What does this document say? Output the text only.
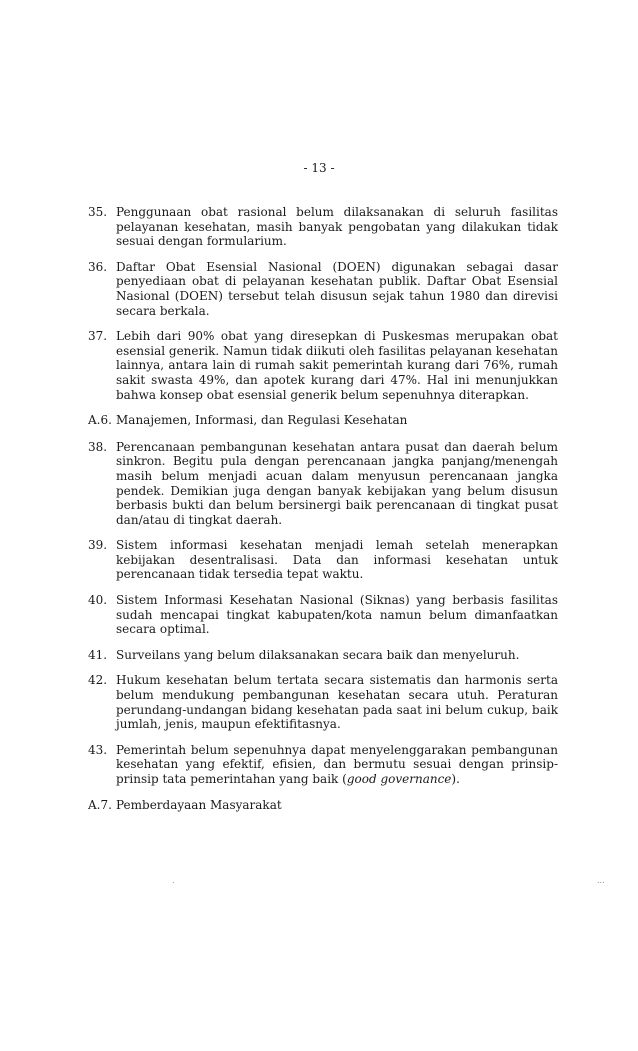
- 13 -
35. Penggunaan obat rasional belum dilaksanakan di seluruh fasilitas pelayanan kesehatan, masih banyak pengobatan yang dilakukan tidak sesuai dengan formularium.
36. Daftar Obat Esensial Nasional (DOEN) digunakan sebagai dasar penyediaan obat di pelayanan kesehatan publik. Daftar Obat Esensial Nasional (DOEN) tersebut telah disusun sejak tahun 1980 dan direvisi secara berkala.
37. Lebih dari 90% obat yang diresepkan di Puskesmas merupakan obat esensial generik. Namun tidak diikuti oleh fasilitas pelayanan kesehatan lainnya, antara lain di rumah sakit pemerintah kurang dari 76%, rumah sakit swasta 49%, dan apotek kurang dari 47%. Hal ini menunjukkan bahwa konsep obat esensial generik belum sepenuhnya diterapkan.
A.6. Manajemen, Informasi, dan Regulasi Kesehatan
38. Perencanaan pembangunan kesehatan antara pusat dan daerah belum sinkron. Begitu pula dengan perencanaan jangka panjang/menengah masih belum menjadi acuan dalam menyusun perencanaan jangka pendek. Demikian juga dengan banyak kebijakan yang belum disusun berbasis bukti dan belum bersinergi baik perencanaan di tingkat pusat dan/atau di tingkat daerah.
39. Sistem informasi kesehatan menjadi lemah setelah menerapkan kebijakan desentralisasi. Data dan informasi kesehatan untuk perencanaan tidak tersedia tepat waktu.
40. Sistem Informasi Kesehatan Nasional (Siknas) yang berbasis fasilitas sudah mencapai tingkat kabupaten/kota namun belum dimanfaatkan secara optimal.
41. Surveilans yang belum dilaksanakan secara baik dan menyeluruh.
42. Hukum kesehatan belum tertata secara sistematis dan harmonis serta belum mendukung pembangunan kesehatan secara utuh. Peraturan perundang-undangan bidang kesehatan pada saat ini belum cukup, baik jumlah, jenis, maupun efektifitasnya.
43. Pemerintah belum sepenuhnya dapat menyelenggarakan pembangunan kesehatan yang efektif, efisien, dan bermutu sesuai dengan prinsip-prinsip tata pemerintahan yang baik (good governance).
A.7. Pemberdayaan Masyarakat
.	...
